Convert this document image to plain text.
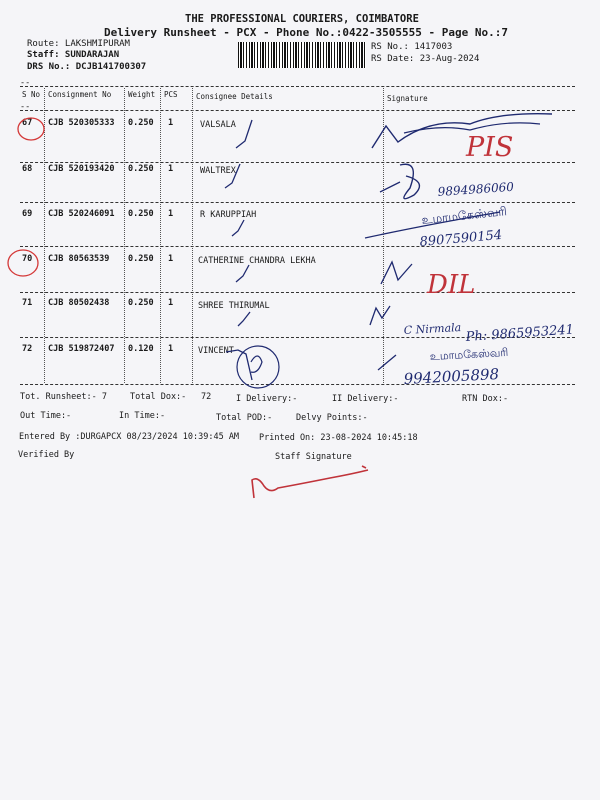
THE PROFESSIONAL COURIERS, COIMBATORE
Delivery Runsheet - PCX - Phone No.:0422-3505555 - Page No.:7
Route: LAKSHMIPURAM
Staff: SUNDARAJAN
DRS No.: DCJB141700307
RS No.: 1417003
RS Date: 23-Aug-2024
--
S No Consignment No Weight PCS Consignee Details	Signature
--
67 CJB 520305333 0.250 1	VALSALA
68 CJB 520193420 0.250 1	WALTREX
69 CJB 520246091 0.250 1	R KARUPPIAH
70 CJB 80563539 0.250 1	CATHERINE CHANDRA LEKHA
71 CJB 80502438 0.250 1	SHREE THIRUMAL
72 CJB 519872407 0.120 1	VINCENT
Tot. Runsheet:- 7	Total Dox:- 72	I Delivery:-	II Delivery:-	RTN Dox:-
Out Time:-	In Time:-	Total POD:-	Delvy Points:-
Entered By :DURGAPCX 08/23/2024 10:39:45 AM Printed On: 23-08-2024 10:45:18
Verified By	Staff Signature
PIS
9894986060
உமாமகேஸ்வரி
8907590154
DIL
C Nirmala Ph: 9865953241
உமாமகேஸ்வரி
9942005898
